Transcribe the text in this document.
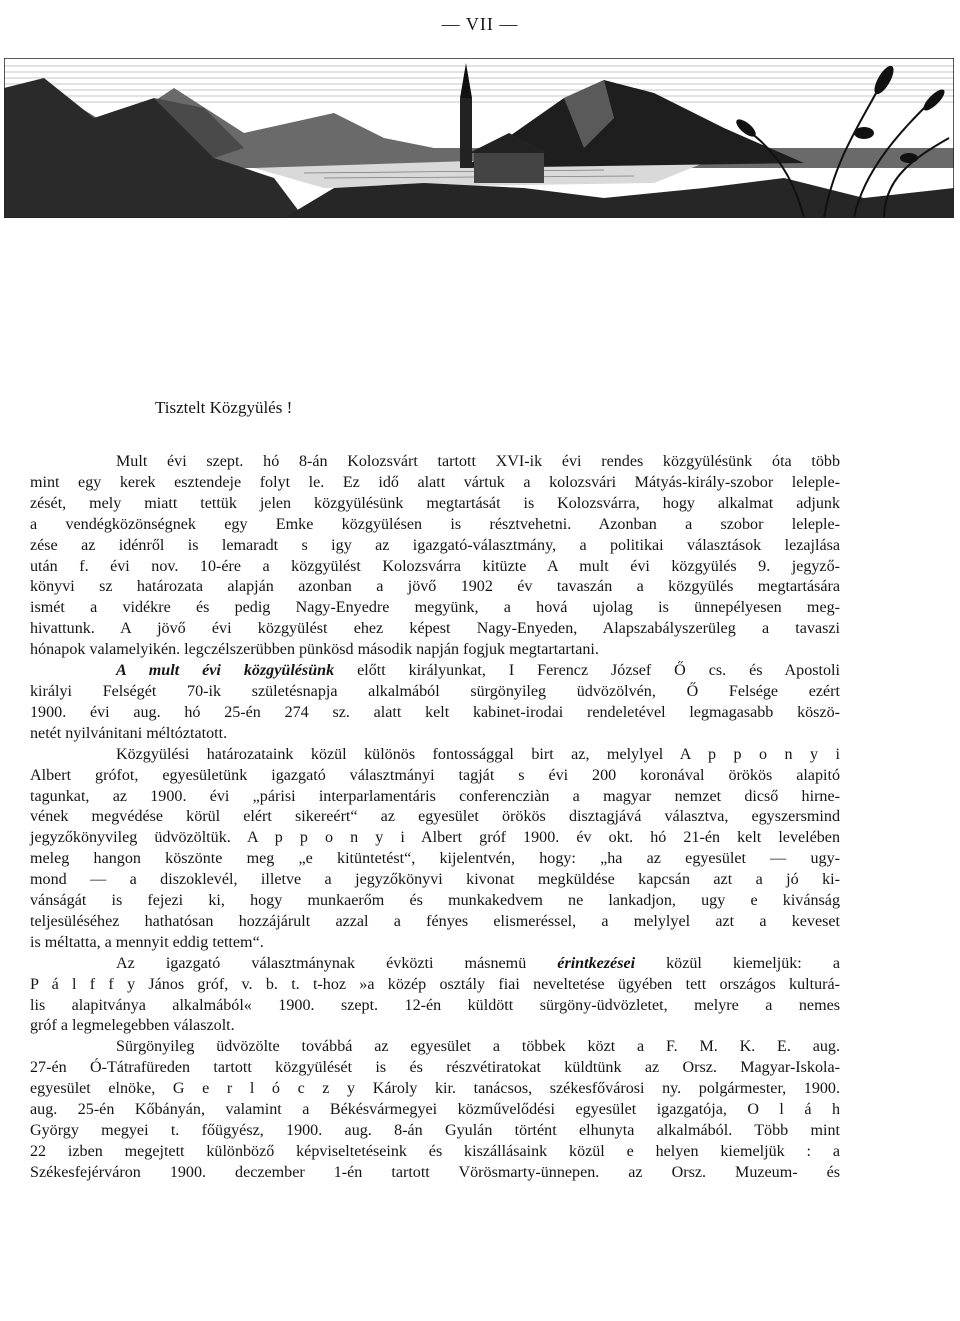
— VII —
Tisztelt Közgyülés !

Mult évi szept. hó 8-án Kolozsvárt tartott XVI-ik évi rendes közgyülésünk óta több

mint egy kerek esztendeje folyt le. Ez idő alatt vártuk a kolozsvári Mátyás-király-szobor leleple-

zését, mely miatt tettük jelen közgyülésünk megtartását is Kolozsvárra, hogy alkalmat adjunk

a vendégközönségnek egy Emke közgyülésen is résztvehetni. Azonban a szobor leleple-

zése az idénről is lemaradt s igy az igazgató-választmány, a politikai választások lezajlása

után f. évi nov. 10-ére a közgyülést Kolozsvárra kitüzte A mult évi közgyülés 9. jegyző-

könyvi sz határozata alapján azonban a jövő 1902 év tavaszán a közgyülés megtartására

ismét a vidékre és pedig Nagy-Enyedre megyünk, a hová ujolag is ünnepélyesen meg-

hivattunk. A jövő évi közgyülést ehez képest Nagy-Enyeden, Alapszabályszerüleg a tavaszi

hónapok valamelyikén. legczélszerübben pünkösd második napján fogjuk megtartartani.

A mult évi közgyülésünk előtt királyunkat, I Ferencz József Ő cs. és Apostoli

királyi Felségét 70-ik születésnapja alkalmából sürgönyileg üdvözölvén, Ő Felsége ezért

1900. évi aug. hó 25-én 274 sz. alatt kelt kabinet-irodai rendeletével legmagasabb köszö-

netét nyilvánitani méltóztatott.

Közgyülési határozataink közül különös fontossággal birt az, melylyel A p p o n y i

Albert grófot, egyesületünk igazgató választmányi tagját s évi 200 koronával örökös alapitó

tagunkat, az 1900. évi „párisi interparlamentáris conferencziàn a magyar nemzet dicső hirne-

vének megvédése körül elért sikereért“ az egyesület örökös disztagjává választva, egyszersmind

jegyzőkönyvileg üdvözöltük. A p p o n y i Albert gróf 1900. év okt. hó 21-én kelt levelében

meleg hangon köszönte meg „e kitüntetést“, kijelentvén, hogy: „ha az egyesület — ugy-

mond — a diszoklevél, illetve a jegyzőkönyvi kivonat megküldése kapcsán azt a jó ki-

vánságát is fejezi ki, hogy munkaerőm és munkakedvem ne lankadjon, ugy e kivánság

teljesüléséhez hathatósan hozzájárult azzal a fényes elismeréssel, a melylyel azt a keveset

is méltatta, a mennyit eddig tettem“.

Az igazgató választmánynak évközti másnemü érintkezései közül kiemeljük: a

P á l f f y János gróf, v. b. t. t-hoz »a közép osztály fiai neveltetése ügyében tett országos kulturá-

lis alapitványa alkalmából« 1900. szept. 12-én küldött sürgöny-üdvözletet, melyre a nemes

gróf a legmelegebben válaszolt.

Sürgönyileg üdvözölte továbbá az egyesület a többek közt a F. M. K. E. aug.

27-én Ó-Tátrafüreden tartott közgyülését is és részvétiratokat küldtünk az Orsz. Magyar-Iskola-

egyesület elnöke, G e r l ó c z y Károly kir. tanácsos, székesfővárosi ny. polgármester, 1900.

aug. 25-én Kőbányán, valamint a Békésvármegyei közművelődési egyesület igazgatója, O l á h

György megyei t. főügyész, 1900. aug. 8-án Gyulán történt elhunyta alkalmából. Több mint

22 izben megejtett különböző képviseltetéseink és kiszállásaink közül e helyen kiemeljük : a

Székesfejérváron 1900. deczember 1-én tartott Vörösmarty-ünnepen. az Orsz. Muzeum- és
